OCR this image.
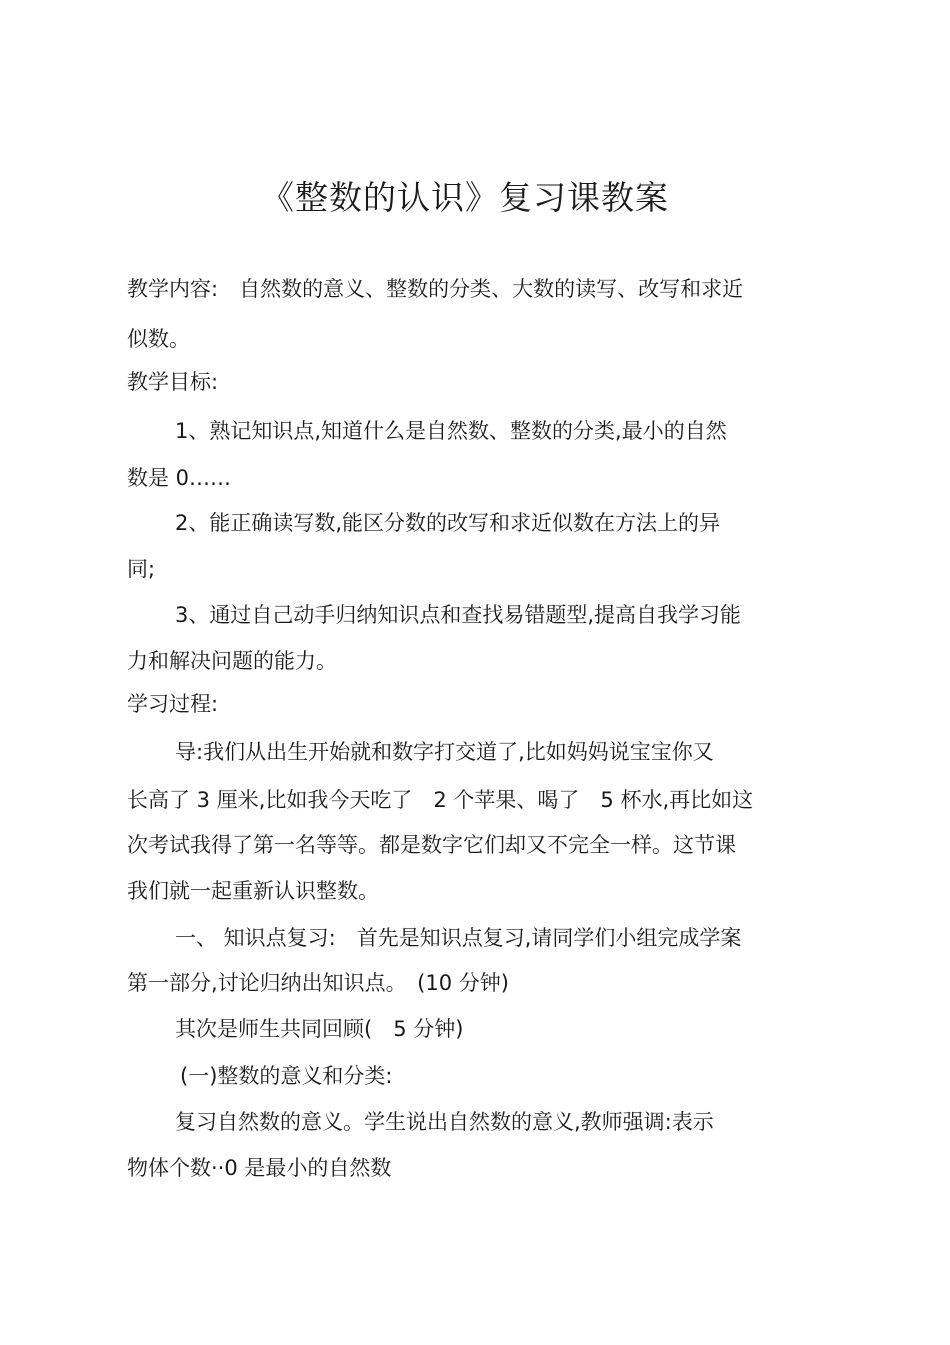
《整数的认识》复习课教案
教学内容:　自然数的意义、整数的分类、大数的读写、改写和求近
似数。
教学目标:
1、熟记知识点,知道什么是自然数、整数的分类,最小的自然
数是 0……
2、能正确读写数,能区分数的改写和求近似数在方法上的异
同;
3、通过自己动手归纳知识点和查找易错题型,提高自我学习能
力和解决问题的能力。
学习过程:
导:我们从出生开始就和数字打交道了,比如妈妈说宝宝你又
长高了 3 厘米,比如我今天吃了　2 个苹果、喝了　5 杯水,再比如这
次考试我得了第一名等等。都是数字它们却又不完全一样。这节课
我们就一起重新认识整数。
一、 知识点复习:　首先是知识点复习,请同学们小组完成学案
第一部分,讨论归纳出知识点。　(10 分钟)
其次是师生共同回顾(　5 分钟)
(一)整数的意义和分类:
复习自然数的意义。学生说出自然数的意义,教师强调:表示
物体个数··0 是最小的自然数
